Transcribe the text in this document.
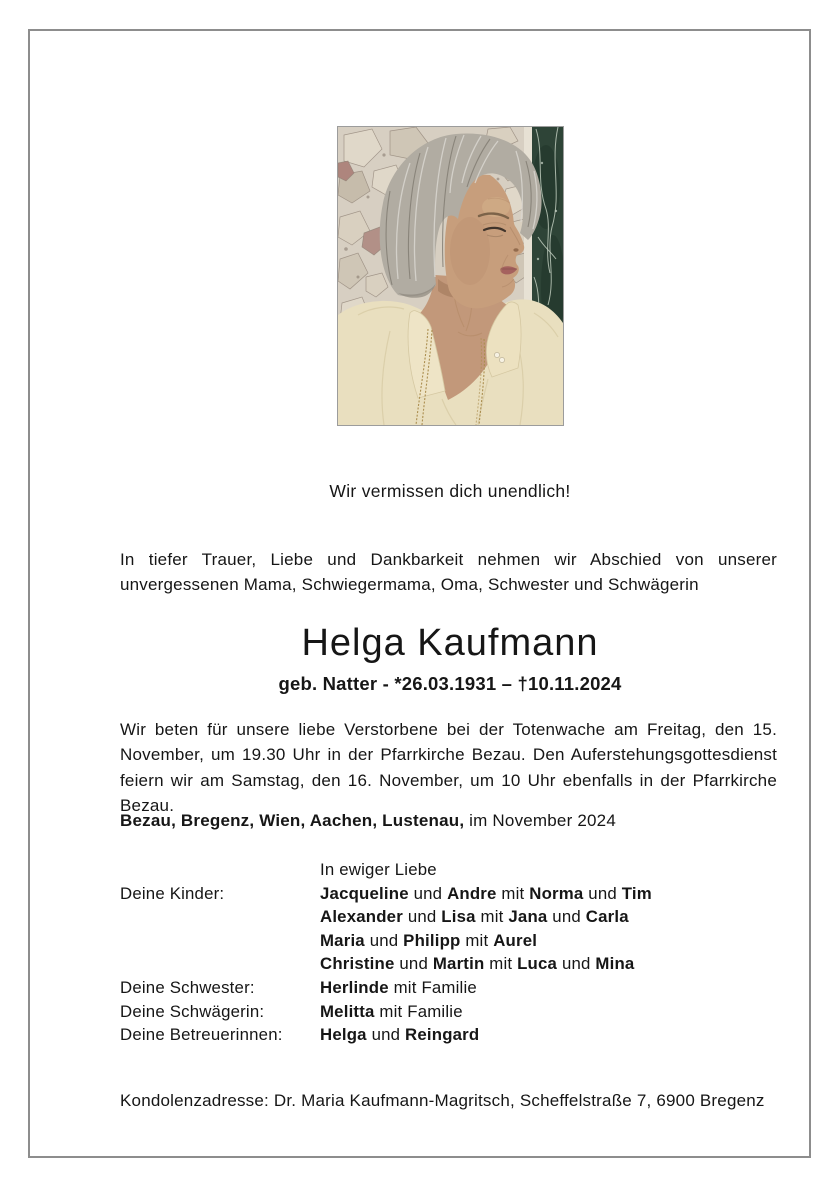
Wir vermissen dich unendlich!
In tiefer Trauer, Liebe und Dankbarkeit nehmen wir Abschied von unserer unvergessenen Mama, Schwiegermama, Oma, Schwester und Schwägerin
Helga Kaufmann
geb. Natter - *26.03.1931 – †10.11.2024
Wir beten für unsere liebe Verstorbene bei der Totenwache am Freitag, den 15. November, um 19.30 Uhr in der Pfarrkirche Bezau. Den Auferstehungsgottesdienst feiern wir am Samstag, den 16. November, um 10 Uhr ebenfalls in der Pfarrkirche Bezau.
Bezau, Bregenz, Wien, Aachen, Lustenau, im November 2024
In ewiger Liebe
Deine Kinder:	Jacqueline und Andre mit Norma und Tim
Alexander und Lisa mit Jana und Carla
Maria und Philipp mit Aurel
Christine und Martin mit Luca und Mina
Deine Schwester:	Herlinde mit Familie
Deine Schwägerin:	Melitta mit Familie
Deine Betreuerinnen:	Helga und Reingard
Kondolenzadresse: Dr. Maria Kaufmann-Magritsch, Scheffelstraße 7, 6900 Bregenz
